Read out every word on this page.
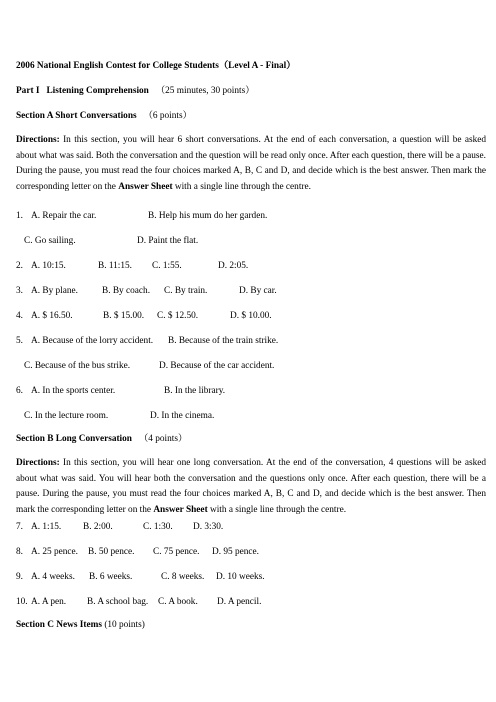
2006 National English Contest for College Students（Level A - Final）
Part I Listening Comprehension （25 minutes, 30 points）
Section A Short Conversations （6 points）
Directions: In this section, you will hear 6 short conversations. At the end of each conversation, a question will be asked about what was said. Both the conversation and the question will be read only once. After each question, there will be a pause. During the pause, you must read the four choices marked A, B, C and D, and decide which is the best answer. Then mark the corresponding letter on the Answer Sheet with a single line through the centre.
1. A. Repair the car.	B. Help his mum do her garden.
C. Go sailing.	D. Paint the flat.
2. A. 10:15.	B. 11:15. C. 1:55.	D. 2:05.
3. A. By plane.	B. By coach. C. By train.	D. By car.
4. A. $ 16.50.	B. $ 15.00. C. $ 12.50.	D. $ 10.00.
5. A. Because of the lorry accident. B. Because of the train strike.
C. Because of the bus strike.	D. Because of the car accident.
6. A. In the sports center.	B. In the library.
C. In the lecture room.	D. In the cinema.
Section B Long Conversation （4 points）
Directions: In this section, you will hear one long conversation. At the end of the conversation, 4 questions will be asked about what was said. You will hear both the conversation and the questions only once. After each question, there will be a pause. During the pause, you must read the four choices marked A, B, C and D, and decide which is the best answer. Then mark the corresponding letter on the Answer Sheet with a single line through the centre.
7. A. 1:15. B. 2:00.	C. 1:30. D. 3:30.
8. A. 25 pence. B. 50 pence. C. 75 pence. D. 95 pence.
9. A. 4 weeks. B. 6 weeks.	C. 8 weeks. D. 10 weeks.
10. A. A pen. B. A school bag. C. A book. D. A pencil.
Section C News Items (10 points)
